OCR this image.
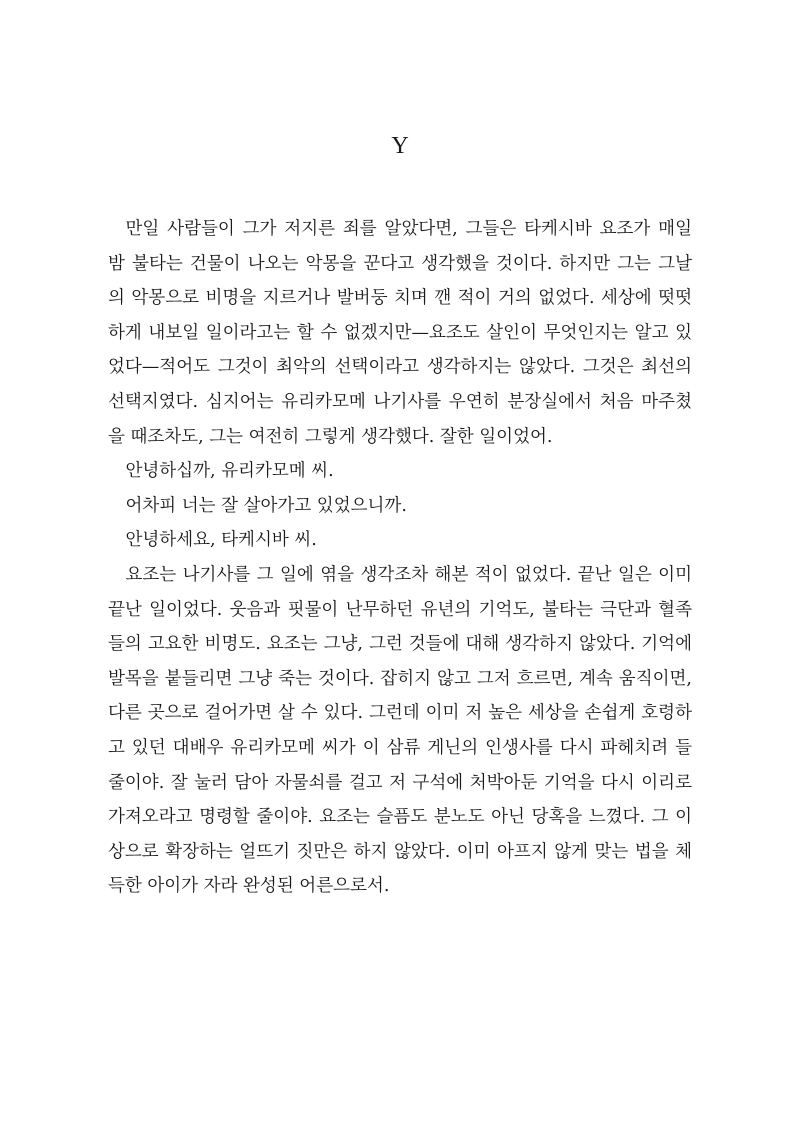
Y

만일 사람들이 그가 저지른 죄를 알았다면, 그들은 타케시바 요조가 매일 밤 불타는 건물이 나오는 악몽을 꾼다고 생각했을 것이다. 하지만 그는 그날의 악몽으로 비명을 지르거나 발버둥 치며 깬 적이 거의 없었다. 세상에 떳떳하게 내보일 일이라고는 할 수 없겠지만—요조도 살인이 무엇인지는 알고 있었다—적어도 그것이 최악의 선택이라고 생각하지는 않았다. 그것은 최선의 선택지였다. 심지어는 유리카모메 나기사를 우연히 분장실에서 처음 마주쳤을 때조차도, 그는 여전히 그렇게 생각했다. 잘한 일이었어.

안녕하십까, 유리카모메 씨.

어차피 너는 잘 살아가고 있었으니까.

안녕하세요, 타케시바 씨.

요조는 나기사를 그 일에 엮을 생각조차 해본 적이 없었다. 끝난 일은 이미 끝난 일이었다. 웃음과 핏물이 난무하던 유년의 기억도, 불타는 극단과 혈족들의 고요한 비명도. 요조는 그냥, 그런 것들에 대해 생각하지 않았다. 기억에 발목을 붙들리면 그냥 죽는 것이다. 잡히지 않고 그저 흐르면, 계속 움직이면, 다른 곳으로 걸어가면 살 수 있다. 그런데 이미 저 높은 세상을 손쉽게 호령하고 있던 대배우 유리카모메 씨가 이 삼류 게닌의 인생사를 다시 파헤치려 들 줄이야. 잘 눌러 담아 자물쇠를 걸고 저 구석에 처박아둔 기억을 다시 이리로 가져오라고 명령할 줄이야. 요조는 슬픔도 분노도 아닌 당혹을 느꼈다. 그 이상으로 확장하는 얼뜨기 짓만은 하지 않았다. 이미 아프지 않게 맞는 법을 체득한 아이가 자라 완성된 어른으로서.
